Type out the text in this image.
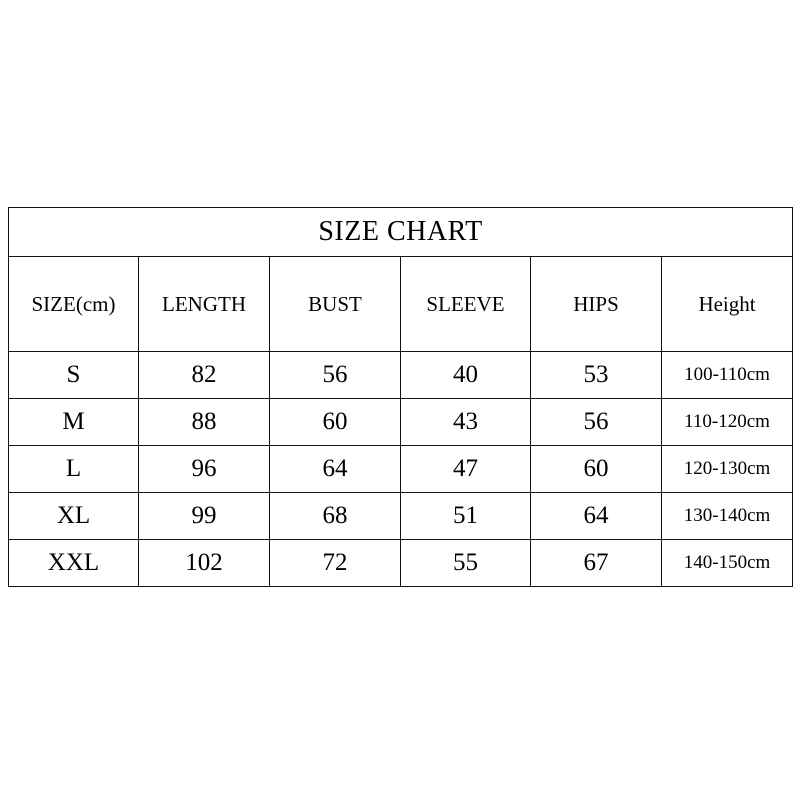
SIZE CHART					
SIZE(cm)	LENGTH	BUST	SLEEVE	HIPS	Height
S	82	56	40	53	100-110cm
M	88	60	43	56	110-120cm
L	96	64	47	60	120-130cm
XL	99	68	51	64	130-140cm
XXL	102	72	55	67	140-150cm
